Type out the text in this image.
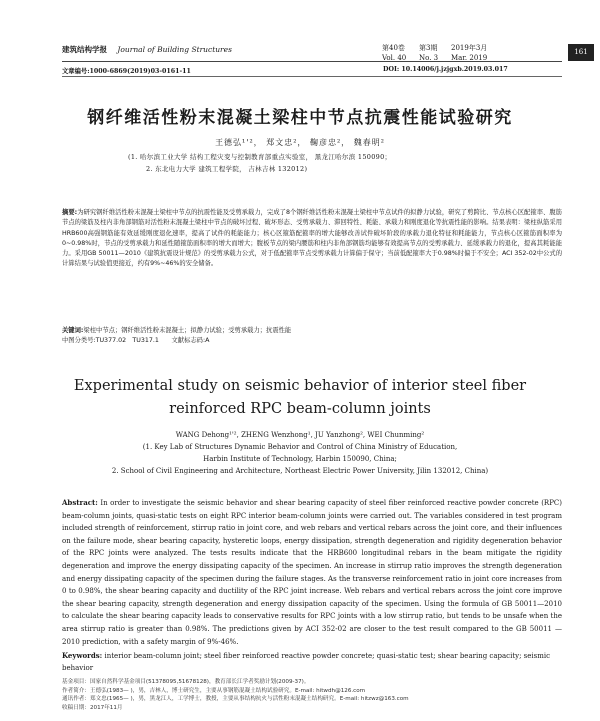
建筑结构学报 Journal of Building Structures	第40卷	第3期	2019年3月
Vol. 40	No. 3	Mar. 2019
161
文章编号:1000-6869(2019)03-0161-11	DOI: 10.14006/j.jzjgxb.2019.03.017
钢纤维活性粉末混凝土梁柱中节点抗震性能试验研究
王德弘¹'²， 郑文忠²， 鞠彦忠²， 魏春明²
(1. 哈尔滨工业大学 结构工程灾变与控制教育部重点实验室， 黑龙江哈尔滨 150090；
2. 东北电力大学 建筑工程学院， 吉林吉林 132012)
摘要:为研究钢纤维活性粉末混凝土梁柱中节点的抗震性能及受剪承载力，完成了8个钢纤维活性粉末混凝土梁柱中节点试件的拟静力试验，研究了剪跨比、节点核心区配箍率、腹筋节点的梁筋及柱内非角部钢筋对活性粉末混凝土梁柱中节点的破坏过程、破坏形态、受剪承载力、滞回特性、耗能、承载力和刚度退化等抗震性能的影响。结果表明：梁柱纵筋采用HRB600高强钢筋能有效延缓刚度退化速率，提高了试件的耗能能力；核心区箍筋配箍率的增大能够改善试件破坏阶段的承载力退化特征和耗能能力，节点核心区箍筋面积率为0~0.98%时，节点的受剪承载力和延性随箍筋面积率的增大而增大；腹板节点的梁内腰筋和柱内非角部钢筋均能够有效提高节点的受剪承载力、延缓承载力的退化，提高其耗能能力。采用GB 50011—2010《建筑抗震设计规范》的受剪承载力公式，对于低配箍率节点受剪承载力计算偏于保守；当前低配箍率大于0.98%时偏于不安全；ACI 352-02中公式的计算结果与试验值更接近，约有9%~46%的安全储备。
关键词:梁柱中节点；钢纤维活性粉末混凝土；拟静力试验；受剪承载力；抗震性能
中图分类号:TU377.02　TU317.1　　文献标志码:A
Experimental study on seismic behavior of interior steel fiber
reinforced RPC beam-column joints
WANG Dehong¹'², ZHENG Wenzhong¹, JU Yanzhong², WEI Chunming²
(1. Key Lab of Structures Dynamic Behavior and Control of China Ministry of Education,
Harbin Institute of Technology, Harbin 150090, China;
2. School of Civil Engineering and Architecture, Northeast Electric Power University, Jilin 132012, China)
Abstract: In order to investigate the seismic behavior and shear bearing capacity of steel fiber reinforced reactive powder concrete (RPC) beam-column joints, quasi-static tests on eight RPC interior beam-column joints were carried out. The variables considered in test program included strength of reinforcement, stirrup ratio in joint core, and web rebars and vertical rebars across the joint core, and their influences on the failure mode, shear bearing capacity, hysteretic loops, energy dissipation, strength degeneration and rigidity degeneration behavior of the RPC joints were analyzed. The tests results indicate that the HRB600 longitudinal rebars in the beam mitigate the rigidity degeneration and improve the energy dissipating capacity of the specimen. An increase in stirrup ratio improves the strength degeneration and energy dissipating capacity of the specimen during the failure stages. As the transverse reinforcement ratio in joint core increases from 0 to 0.98%, the shear bearing capacity and ductility of the RPC joint increase. Web rebars and vertical rebars across the joint core improve the shear bearing capacity, strength degeneration and energy dissipation capacity of the specimen. Using the formula of GB 50011—2010 to calculate the shear bearing capacity leads to conservative results for RPC joints with a low stirrup ratio, but tends to be unsafe when the area stirrup ratio is greater than 0.98%. The predictions given by ACI 352-02 are closer to the test result compared to the GB 50011 — 2010 prediction, with a safety margin of 9%-46%.
Keywords: interior beam-column joint; steel fiber reinforced reactive powder concrete; quasi-static test; shear bearing capacity; seismic behavior
基金项目：国家自然科学基金项目(51378095,51678128)，教育部长江学者奖励计划(2009-37)。
作者简介：王德弘(1983— )，男，吉林人，博士研究生，主要从事钢筋混凝土结构试验研究。E-mail: hitwdh@126.com
通讯作者：郑文忠(1965— )，男，黑龙江人，工学博士，教授，主要从事结构抗火与活性粉末混凝土结构研究。E-mail: hitzwz@163.com
收稿日期：2017年11月
